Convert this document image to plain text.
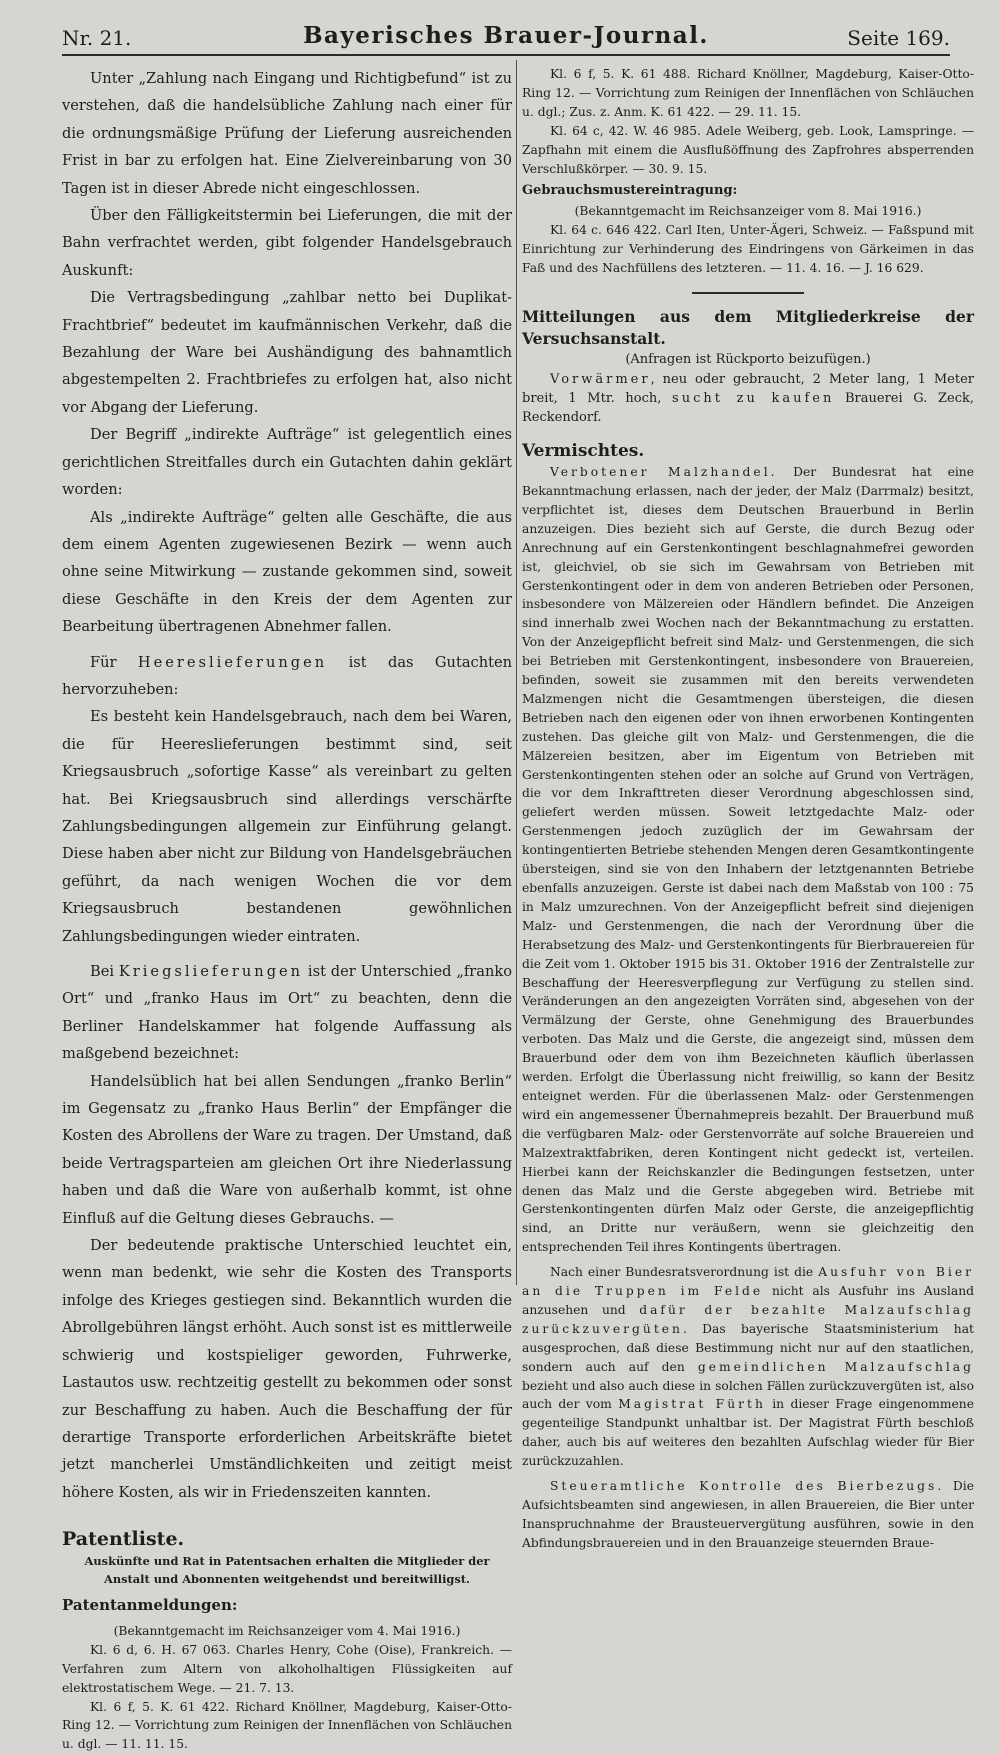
Nr. 21.	Bayerisches Brauer-Journal.	Seite 169.

Unter „Zahlung nach Eingang und Richtigbefund“ ist zu verstehen, daß die handelsübliche Zahlung nach einer für die ordnungsmäßige Prüfung der Lieferung ausreichenden Frist in bar zu erfolgen hat. Eine Zielvereinbarung von 30 Tagen ist in dieser Abrede nicht eingeschlossen.

Über den Fälligkeitstermin bei Lieferungen, die mit der Bahn verfrachtet werden, gibt folgender Handelsgebrauch Auskunft:

Die Vertragsbedingung „zahlbar netto bei Duplikat-Frachtbrief“ bedeutet im kaufmännischen Verkehr, daß die Bezahlung der Ware bei Aushändigung des bahnamtlich abgestempelten 2. Frachtbriefes zu erfolgen hat, also nicht vor Abgang der Lieferung.

Der Begriff „indirekte Aufträge“ ist gelegentlich eines gerichtlichen Streitfalles durch ein Gutachten dahin geklärt worden:

Als „indirekte Aufträge“ gelten alle Geschäfte, die aus dem einem Agenten zugewiesenen Bezirk — wenn auch ohne seine Mitwirkung — zustande gekommen sind, soweit diese Geschäfte in den Kreis der dem Agenten zur Bearbeitung übertragenen Abnehmer fallen.

Für Heereslieferungen ist das Gutachten hervorzuheben:

Es besteht kein Handelsgebrauch, nach dem bei Waren, die für Heereslieferungen bestimmt sind, seit Kriegsausbruch „sofortige Kasse“ als vereinbart zu gelten hat. Bei Kriegsausbruch sind allerdings verschärfte Zahlungsbedingungen allgemein zur Einführung gelangt. Diese haben aber nicht zur Bildung von Handelsgebräuchen geführt, da nach wenigen Wochen die vor dem Kriegsausbruch bestandenen gewöhnlichen Zahlungsbedingungen wieder eintraten.

Bei Kriegslieferungen ist der Unterschied „franko Ort“ und „franko Haus im Ort“ zu beachten, denn die Berliner Handelskammer hat folgende Auffassung als maßgebend bezeichnet:

Handelsüblich hat bei allen Sendungen „franko Berlin“ im Gegensatz zu „franko Haus Berlin“ der Empfänger die Kosten des Abrollens der Ware zu tragen. Der Umstand, daß beide Vertragsparteien am gleichen Ort ihre Niederlassung haben und daß die Ware von außerhalb kommt, ist ohne Einfluß auf die Geltung dieses Gebrauchs. —

Der bedeutende praktische Unterschied leuchtet ein, wenn man bedenkt, wie sehr die Kosten des Transports infolge des Krieges gestiegen sind. Bekanntlich wurden die Abrollgebühren längst erhöht. Auch sonst ist es mittlerweile schwierig und kostspieliger geworden, Fuhrwerke, Lastautos usw. rechtzeitig gestellt zu bekommen oder sonst zur Beschaffung zu haben. Auch die Beschaffung der für derartige Transporte erforderlichen Arbeitskräfte bietet jetzt mancherlei Umständlichkeiten und zeitigt meist höhere Kosten, als wir in Friedenszeiten kannten.

Patentliste.

Auskünfte und Rat in Patentsachen erhalten die Mitglieder der Anstalt und Abonnenten weitgehendst und bereitwilligst.

Patentanmeldungen:

(Bekanntgemacht im Reichsanzeiger vom 4. Mai 1916.)

Kl. 6 d, 6. H. 67 063. Charles Henry, Cohe (Oise), Frankreich. — Verfahren zum Altern von alkoholhaltigen Flüssigkeiten auf elektrostatischem Wege. — 21. 7. 13.

Kl. 6 f, 5. K. 61 422. Richard Knöllner, Magdeburg, Kaiser-Otto-Ring 12. — Vorrichtung zum Reinigen der Innenflächen von Schläuchen u. dgl. — 11. 11. 15.

Kl. 6 f, 5. K. 61 488. Richard Knöllner, Magdeburg, Kaiser-Otto-Ring 12. — Vorrichtung zum Reinigen der Innenflächen von Schläuchen u. dgl.; Zus. z. Anm. K. 61 422. — 29. 11. 15.

Kl. 64 c, 42. W. 46 985. Adele Weiberg, geb. Look, Lamspringe. — Zapfhahn mit einem die Ausflußöffnung des Zapfrohres absperrenden Verschlußkörper. — 30. 9. 15.

Gebrauchsmustereintragung:

(Bekanntgemacht im Reichsanzeiger vom 8. Mai 1916.)

Kl. 64 c. 646 422. Carl Iten, Unter-Ägeri, Schweiz. — Faßspund mit Einrichtung zur Verhinderung des Eindringens von Gärkeimen in das Faß und des Nachfüllens des letzteren. — 11. 4. 16. — J. 16 629.

Mitteilungen aus dem Mitgliederkreise der Versuchsanstalt.

(Anfragen ist Rückporto beizufügen.)

Vorwärmer, neu oder gebraucht, 2 Meter lang, 1 Meter breit, 1 Mtr. hoch, sucht zu kaufen Brauerei G. Zeck, Reckendorf.

Vermischtes.

Verbotener Malzhandel. Der Bundesrat hat eine Bekanntmachung erlassen, nach der jeder, der Malz (Darrmalz) besitzt, verpflichtet ist, dieses dem Deutschen Brauerbund in Berlin anzuzeigen. Dies bezieht sich auf Gerste, die durch Bezug oder Anrechnung auf ein Gerstenkontingent beschlagnahmefrei geworden ist, gleichviel, ob sie sich im Gewahrsam von Betrieben mit Gerstenkontingent oder in dem von anderen Betrieben oder Personen, insbesondere von Mälzereien oder Händlern befindet. Die Anzeigen sind innerhalb zwei Wochen nach der Bekanntmachung zu erstatten. Von der Anzeigepflicht befreit sind Malz- und Gerstenmengen, die sich bei Betrieben mit Gerstenkontingent, insbesondere von Brauereien, befinden, soweit sie zusammen mit den bereits verwendeten Malzmengen nicht die Gesamtmengen übersteigen, die diesen Betrieben nach den eigenen oder von ihnen erworbenen Kontingenten zustehen. Das gleiche gilt von Malz- und Gerstenmengen, die die Mälzereien besitzen, aber im Eigentum von Betrieben mit Gerstenkontingenten stehen oder an solche auf Grund von Verträgen, die vor dem Inkrafttreten dieser Verordnung abgeschlossen sind, geliefert werden müssen. Soweit letztgedachte Malz- oder Gerstenmengen jedoch zuzüglich der im Gewahrsam der kontingentierten Betriebe stehenden Mengen deren Gesamtkontingente übersteigen, sind sie von den Inhabern der letztgenannten Betriebe ebenfalls anzuzeigen. Gerste ist dabei nach dem Maßstab von 100 : 75 in Malz umzurechnen. Von der Anzeigepflicht befreit sind diejenigen Malz- und Gerstenmengen, die nach der Verordnung über die Herabsetzung des Malz- und Gerstenkontingents für Bierbrauereien für die Zeit vom 1. Oktober 1915 bis 31. Oktober 1916 der Zentralstelle zur Beschaffung der Heeresverpflegung zur Verfügung zu stellen sind. Veränderungen an den angezeigten Vorräten sind, abgesehen von der Vermälzung der Gerste, ohne Genehmigung des Brauerbundes verboten. Das Malz und die Gerste, die angezeigt sind, müssen dem Brauerbund oder dem von ihm Bezeichneten käuflich überlassen werden. Erfolgt die Überlassung nicht freiwillig, so kann der Besitz enteignet werden. Für die überlassenen Malz- oder Gerstenmengen wird ein angemessener Übernahmepreis bezahlt. Der Brauerbund muß die verfügbaren Malz- oder Gerstenvorräte auf solche Brauereien und Malzextraktfabriken, deren Kontingent nicht gedeckt ist, verteilen. Hierbei kann der Reichskanzler die Bedingungen festsetzen, unter denen das Malz und die Gerste abgegeben wird. Betriebe mit Gerstenkontingenten dürfen Malz oder Gerste, die anzeigepflichtig sind, an Dritte nur veräußern, wenn sie gleichzeitig den entsprechenden Teil ihres Kontingents übertragen.

Nach einer Bundesratsverordnung ist die Ausfuhr von Bier an die Truppen im Felde nicht als Ausfuhr ins Ausland anzusehen und dafür der bezahlte Malzaufschlag zurückzuvergüten. Das bayerische Staatsministerium hat ausgesprochen, daß diese Bestimmung nicht nur auf den staatlichen, sondern auch auf den gemeindlichen Malzaufschlag bezieht und also auch diese in solchen Fällen zurückzuvergüten ist, also auch der vom Magistrat Fürth in dieser Frage eingenommene gegenteilige Standpunkt unhaltbar ist. Der Magistrat Fürth beschloß daher, auch bis auf weiteres den bezahlten Aufschlag wieder für Bier zurückzuzahlen.

Steueramtliche Kontrolle des Bierbezugs. Die Aufsichtsbeamten sind angewiesen, in allen Brauereien, die Bier unter Inanspruchnahme der Brausteuervergütung ausführen, sowie in den Abfindungsbrauereien und in den Brauanzeige steuernden Braue-
